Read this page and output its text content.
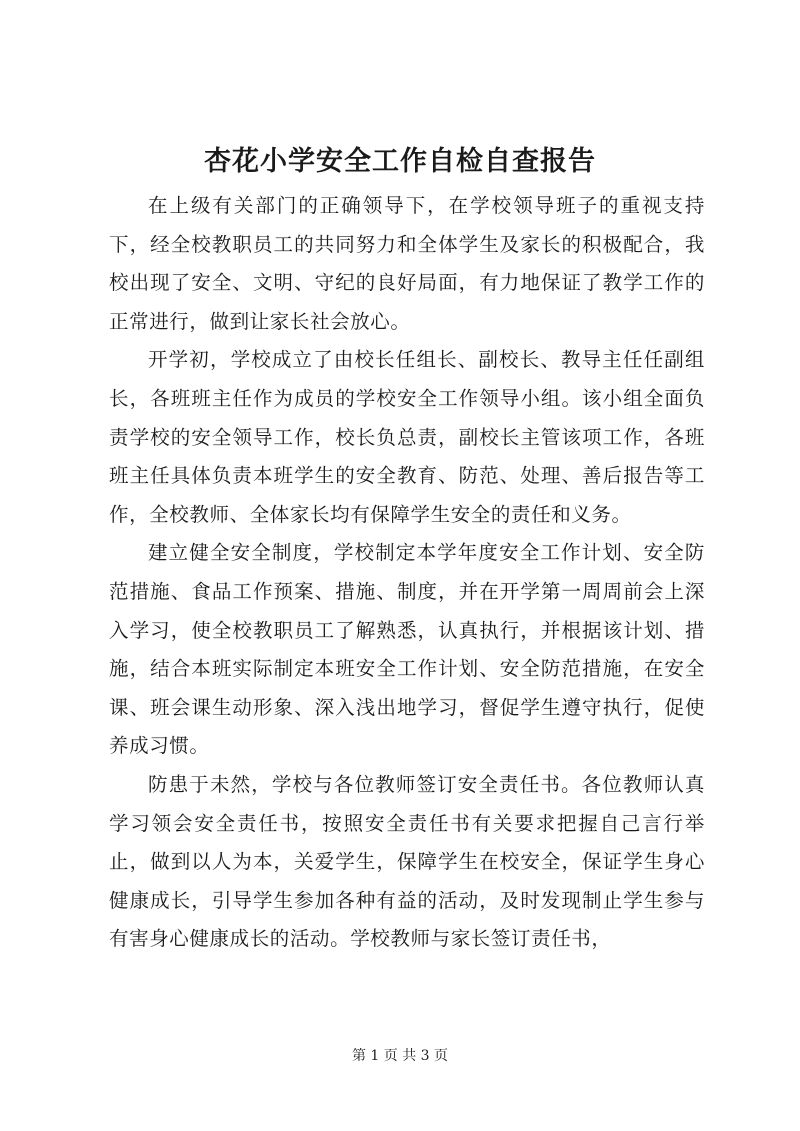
杏花小学安全工作自检自查报告

在上级有关部门的正确领导下，在学校领导班子的重视支持下，经全校教职员工的共同努力和全体学生及家长的积极配合，我校出现了安全、文明、守纪的良好局面，有力地保证了教学工作的正常进行，做到让家长社会放心。

开学初，学校成立了由校长任组长、副校长、教导主任任副组长，各班班主任作为成员的学校安全工作领导小组。该小组全面负责学校的安全领导工作，校长负总责，副校长主管该项工作，各班班主任具体负责本班学生的安全教育、防范、处理、善后报告等工作，全校教师、全体家长均有保障学生安全的责任和义务。

建立健全安全制度，学校制定本学年度安全工作计划、安全防范措施、食品工作预案、措施、制度，并在开学第一周周前会上深入学习，使全校教职员工了解熟悉，认真执行，并根据该计划、措施，结合本班实际制定本班安全工作计划、安全防范措施，在安全课、班会课生动形象、深入浅出地学习，督促学生遵守执行，促使养成习惯。

防患于未然，学校与各位教师签订安全责任书。各位教师认真学习领会安全责任书，按照安全责任书有关要求把握自己言行举止，做到以人为本，关爱学生，保障学生在校安全，保证学生身心健康成长，引导学生参加各种有益的活动，及时发现制止学生参与有害身心健康成长的活动。学校教师与家长签订责任书，

第 1 页 共 3 页
